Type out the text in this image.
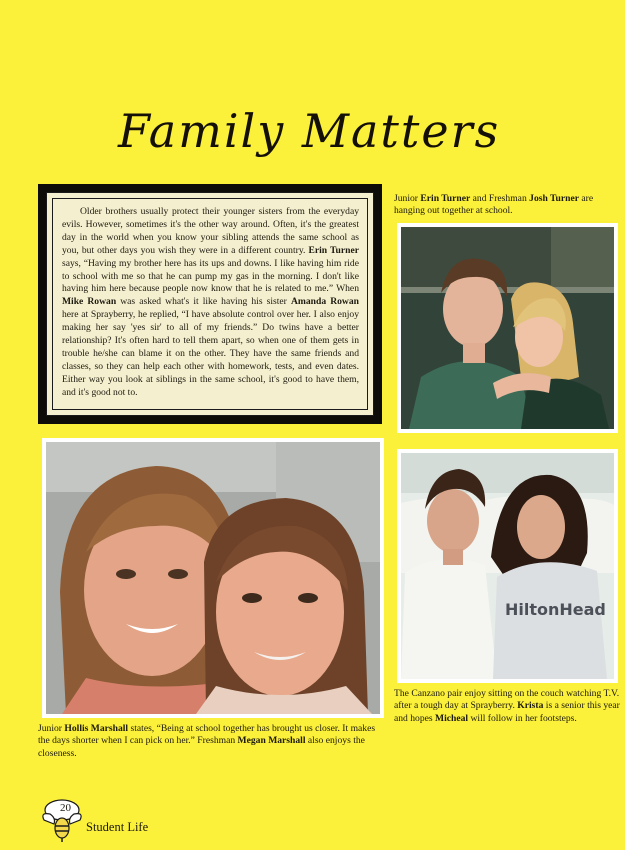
Family Matters
Older brothers usually protect their younger sisters from the everyday evils. However, sometimes it's the other way around. Often, it's the greatest day in the world when you know your sibling attends the same school as you, but other days you wish they were in a different country. Erin Turner says, “Having my brother here has its ups and downs. I like having him ride to school with me so that he can pump my gas in the morning. I don't like having him here because people now know that he is related to me.” When Mike Rowan was asked what's it like having his sister Amanda Rowan here at Sprayberry, he replied, “I have absolute control over her. I also enjoy making her say 'yes sir' to all of my friends.” Do twins have a better relationship? It's often hard to tell them apart, so when one of them gets in trouble he/she can blame it on the other. They have the same friends and classes, so they can help each other with homework, tests, and even dates. Either way you look at siblings in the same school, it's good to have them, and it's good not to.
Junior Erin Turner and Freshman Josh Turner are hanging out together at school.
Junior Hollis Marshall states, “Being at school together has brought us closer. It makes the days shorter when I can pick on her.” Freshman Megan Marshall also enjoys the closeness.
HiltonHead
The Canzano pair enjoy sitting on the couch watching T.V. after a tough day at Sprayberry. Krista is a senior this year and hopes Micheal will follow in her footsteps.
20
Student Life
